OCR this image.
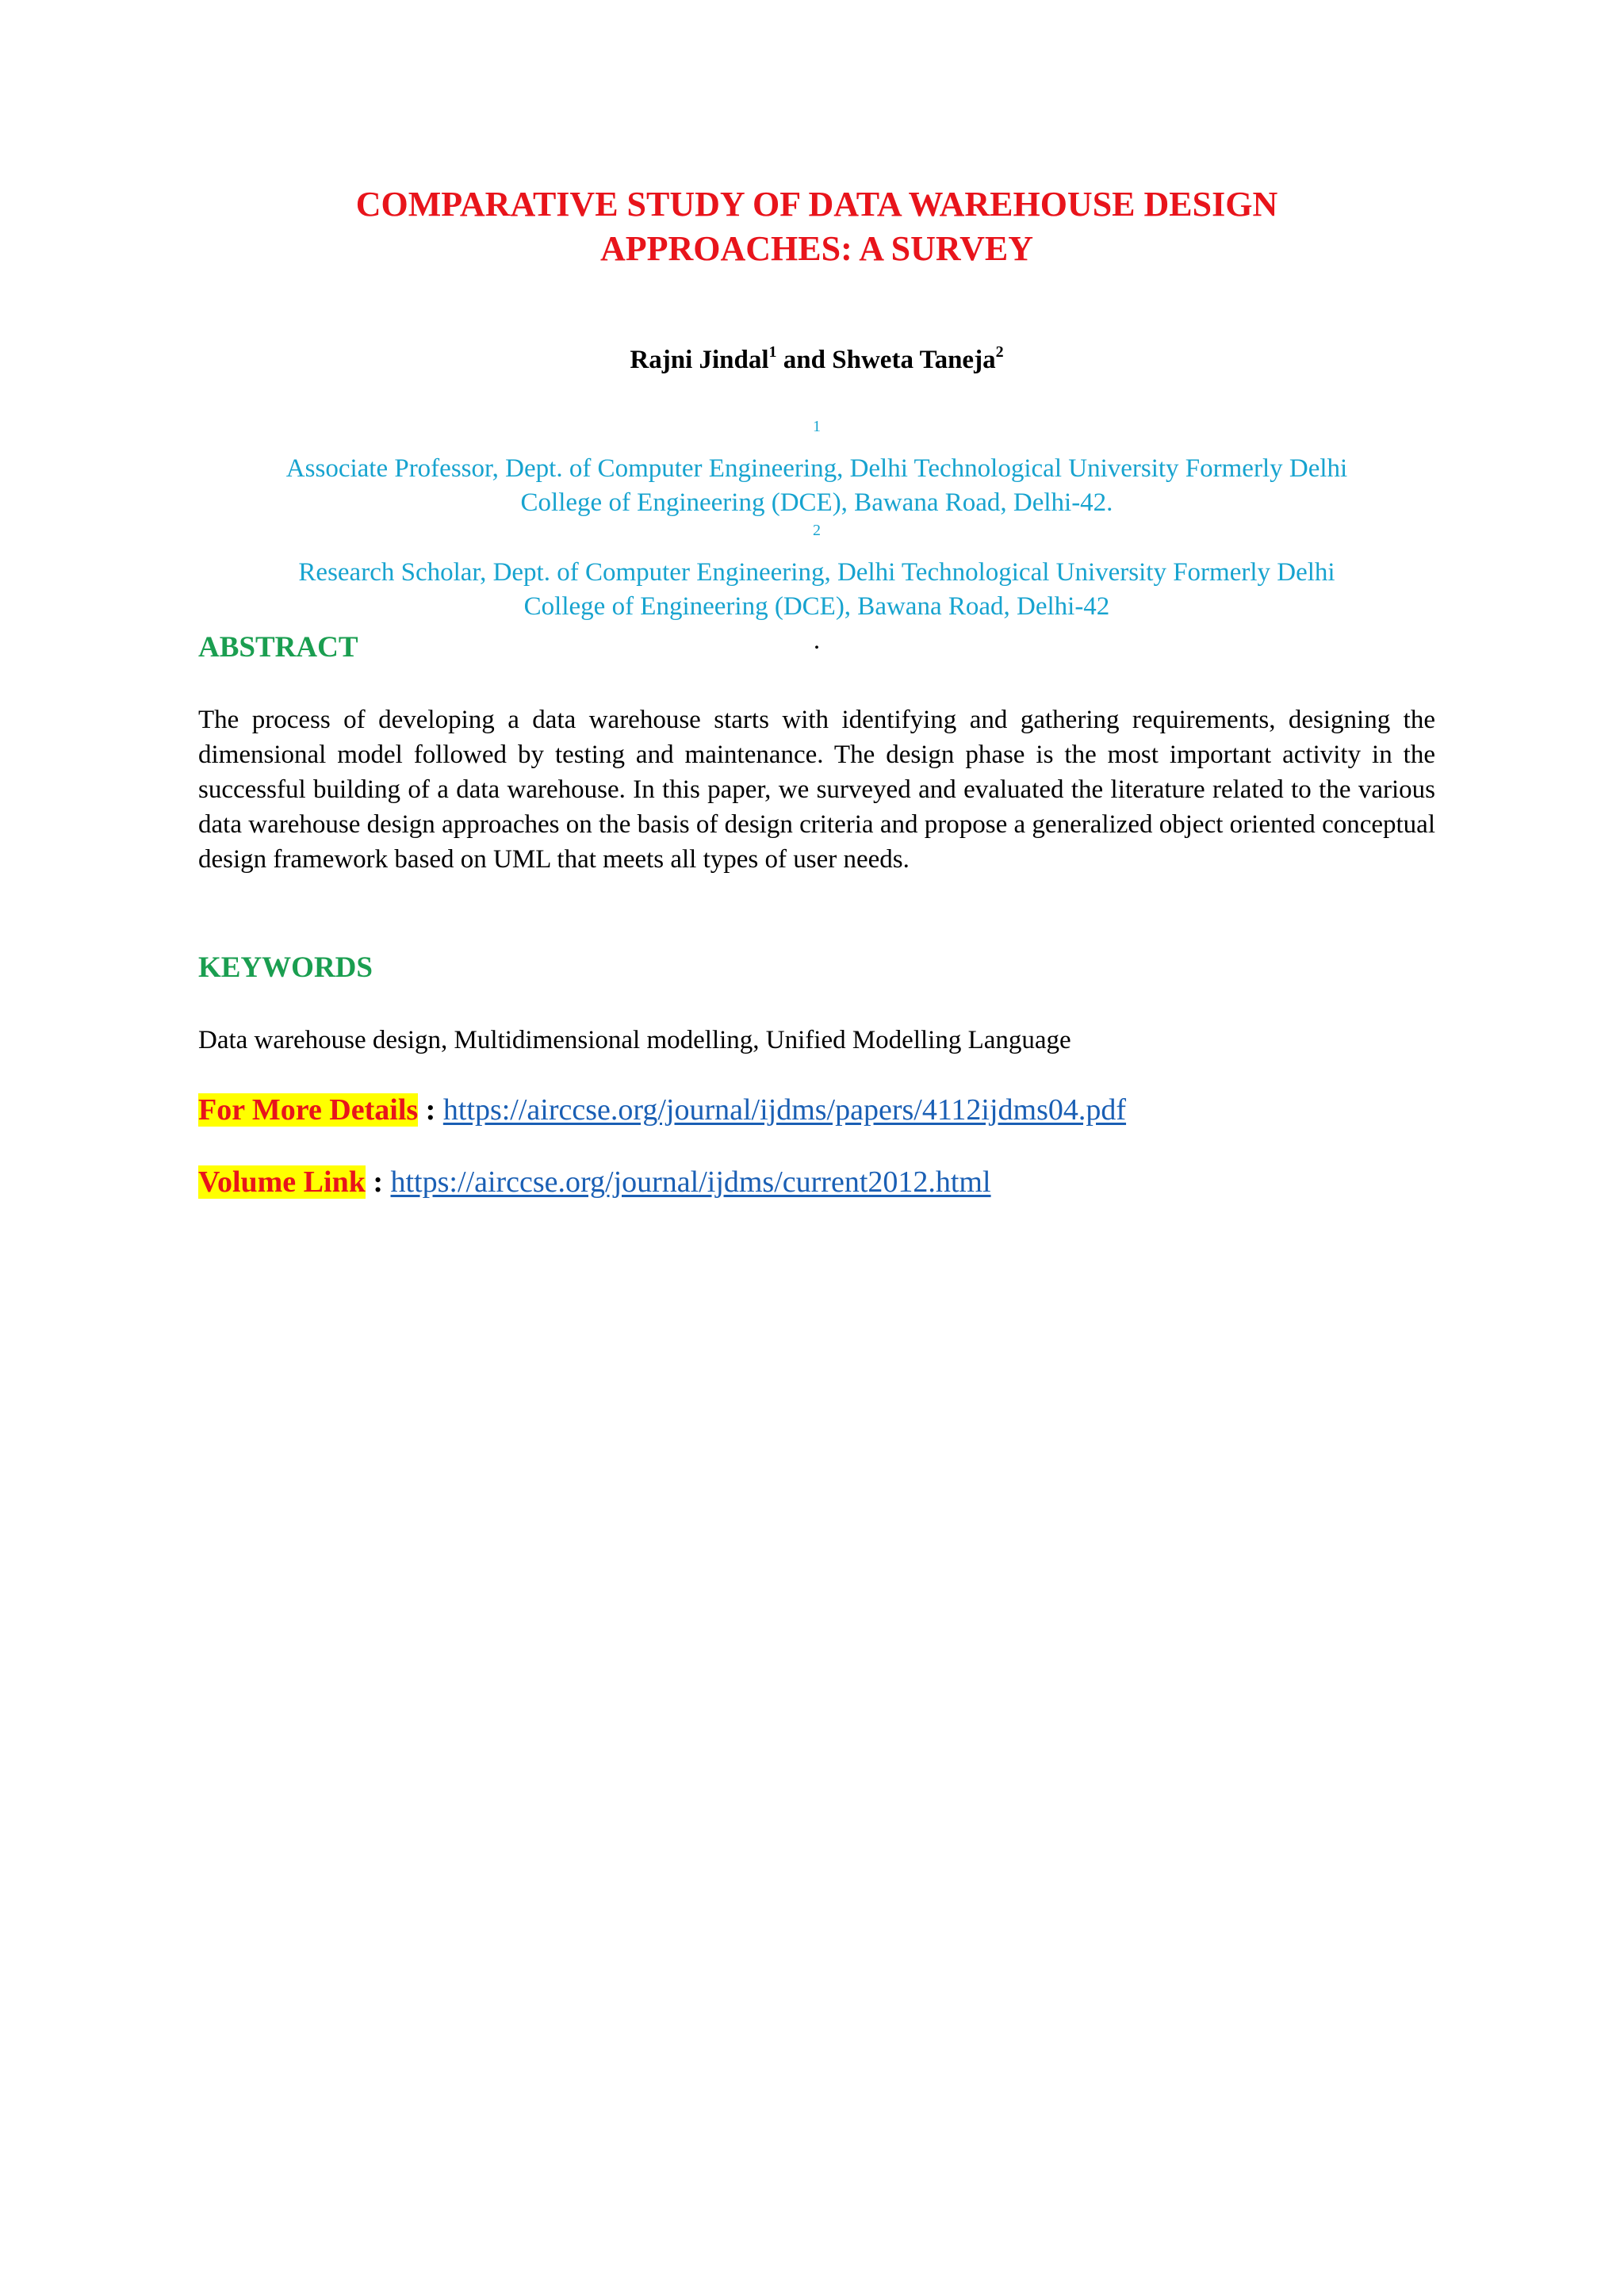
COMPARATIVE STUDY OF DATA WAREHOUSE DESIGN
APPROACHES: A SURVEY

Rajni Jindal$^1$ and Shweta Taneja$^2$

$^1$
Associate Professor, Dept. of Computer Engineering, Delhi Technological University Formerly Delhi
College of Engineering (DCE), Bawana Road, Delhi-42.

$^2$
Research Scholar, Dept. of Computer Engineering, Delhi Technological University Formerly Delhi
College of Engineering (DCE), Bawana Road, Delhi-42
.

ABSTRACT

The process of developing a data warehouse starts with identifying and gathering requirements, designing the dimensional model followed by testing and maintenance. The design phase is the most important activity in the successful building of a data warehouse. In this paper, we surveyed and evaluated the literature related to the various data warehouse design approaches on the basis of design criteria and propose a generalized object oriented conceptual design framework based on UML that meets all types of user needs.

KEYWORDS

Data warehouse design, Multidimensional modelling, Unified Modelling Language

For More Details : https://airccse.org/journal/ijdms/papers/4112ijdms04.pdf

Volume Link : https://airccse.org/journal/ijdms/current2012.html
